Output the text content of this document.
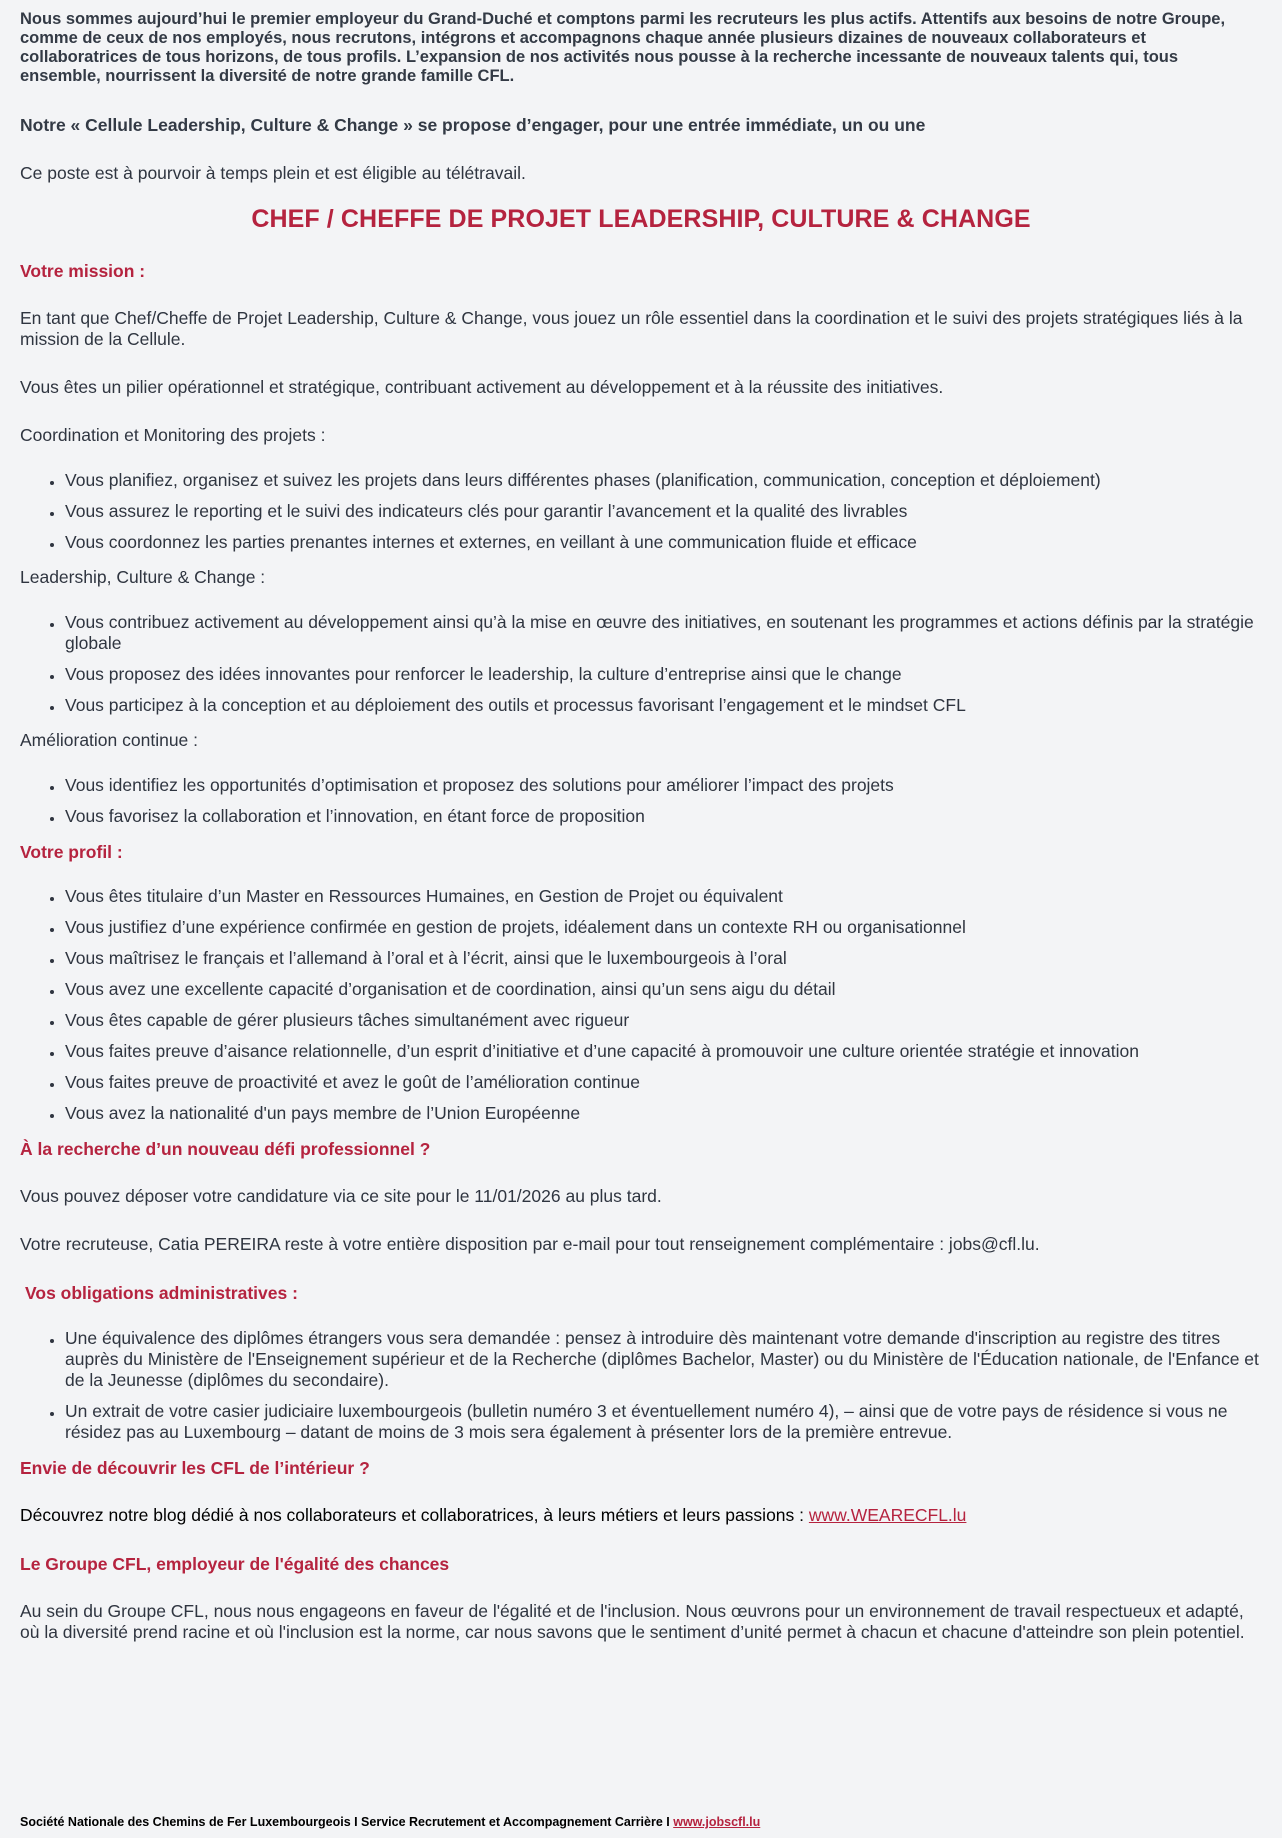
Nous sommes aujourd’hui le premier employeur du Grand-Duché et comptons parmi les recruteurs les plus actifs. Attentifs aux besoins de notre Groupe, comme de ceux de nos employés, nous recrutons, intégrons et accompagnons chaque année plusieurs dizaines de nouveaux collaborateurs et collaboratrices de tous horizons, de tous profils. L’expansion de nos activités nous pousse à la recherche incessante de nouveaux talents qui, tous ensemble, nourrissent la diversité de notre grande famille CFL.

Notre « Cellule Leadership, Culture & Change » se propose d’engager, pour une entrée immédiate, un ou une

Ce poste est à pourvoir à temps plein et est éligible au télétravail.

CHEF / CHEFFE DE PROJET LEADERSHIP, CULTURE & CHANGE
Votre mission :

En tant que Chef/Cheffe de Projet Leadership, Culture & Change, vous jouez un rôle essentiel dans la coordination et le suivi des projets stratégiques liés à la mission de la Cellule.

Vous êtes un pilier opérationnel et stratégique, contribuant activement au développement et à la réussite des initiatives.

Coordination et Monitoring des projets :

• Vous planifiez, organisez et suivez les projets dans leurs différentes phases (planification, communication, conception et déploiement)
• Vous assurez le reporting et le suivi des indicateurs clés pour garantir l’avancement et la qualité des livrables
• Vous coordonnez les parties prenantes internes et externes, en veillant à une communication fluide et efficace

Leadership, Culture & Change :

• Vous contribuez activement au développement ainsi qu’à la mise en œuvre des initiatives, en soutenant les programmes et actions définis par la stratégie globale
• Vous proposez des idées innovantes pour renforcer le leadership, la culture d’entreprise ainsi que le change
• Vous participez à la conception et au déploiement des outils et processus favorisant l’engagement et le mindset CFL

Amélioration continue :

• Vous identifiez les opportunités d’optimisation et proposez des solutions pour améliorer l’impact des projets
• Vous favorisez la collaboration et l’innovation, en étant force de proposition
Votre profil :
• Vous êtes titulaire d’un Master en Ressources Humaines, en Gestion de Projet ou équivalent
• Vous justifiez d’une expérience confirmée en gestion de projets, idéalement dans un contexte RH ou organisationnel
• Vous maîtrisez le français et l’allemand à l’oral et à l’écrit, ainsi que le luxembourgeois à l’oral
• Vous avez une excellente capacité d’organisation et de coordination, ainsi qu’un sens aigu du détail
• Vous êtes capable de gérer plusieurs tâches simultanément avec rigueur
• Vous faites preuve d’aisance relationnelle, d’un esprit d’initiative et d’une capacité à promouvoir une culture orientée stratégie et innovation
• Vous faites preuve de proactivité et avez le goût de l’amélioration continue
• Vous avez la nationalité d'un pays membre de l’Union Européenne
À la recherche d’un nouveau défi professionnel ?

Vous pouvez déposer votre candidature via ce site pour le 11/01/2026 au plus tard.

Votre recruteuse, Catia PEREIRA reste à votre entière disposition par e-mail pour tout renseignement complémentaire : jobs@cfl.lu.

Vos obligations administratives :
• Une équivalence des diplômes étrangers vous sera demandée : pensez à introduire dès maintenant votre demande d'inscription au registre des titres auprès du Ministère de l'Enseignement supérieur et de la Recherche (diplômes Bachelor, Master) ou du Ministère de l'Éducation nationale, de l'Enfance et de la Jeunesse (diplômes du secondaire).
• Un extrait de votre casier judiciaire luxembourgeois (bulletin numéro 3 et éventuellement numéro 4), – ainsi que de votre pays de résidence si vous ne résidez pas au Luxembourg – datant de moins de 3 mois sera également à présenter lors de la première entrevue.
Envie de découvrir les CFL de l’intérieur ?

Découvrez notre blog dédié à nos collaborateurs et collaboratrices, à leurs métiers et leurs passions : www.WEARECFL.lu

Le Groupe CFL, employeur de l'égalité des chances

Au sein du Groupe CFL, nous nous engageons en faveur de l'égalité et de l'inclusion. Nous œuvrons pour un environnement de travail respectueux et adapté, où la diversité prend racine et où l'inclusion est la norme, car nous savons que le sentiment d’unité permet à chacun et chacune d'atteindre son plein potentiel.

Société Nationale des Chemins de Fer Luxembourgeois I Service Recrutement et Accompagnement Carrière I www.jobscfl.lu
